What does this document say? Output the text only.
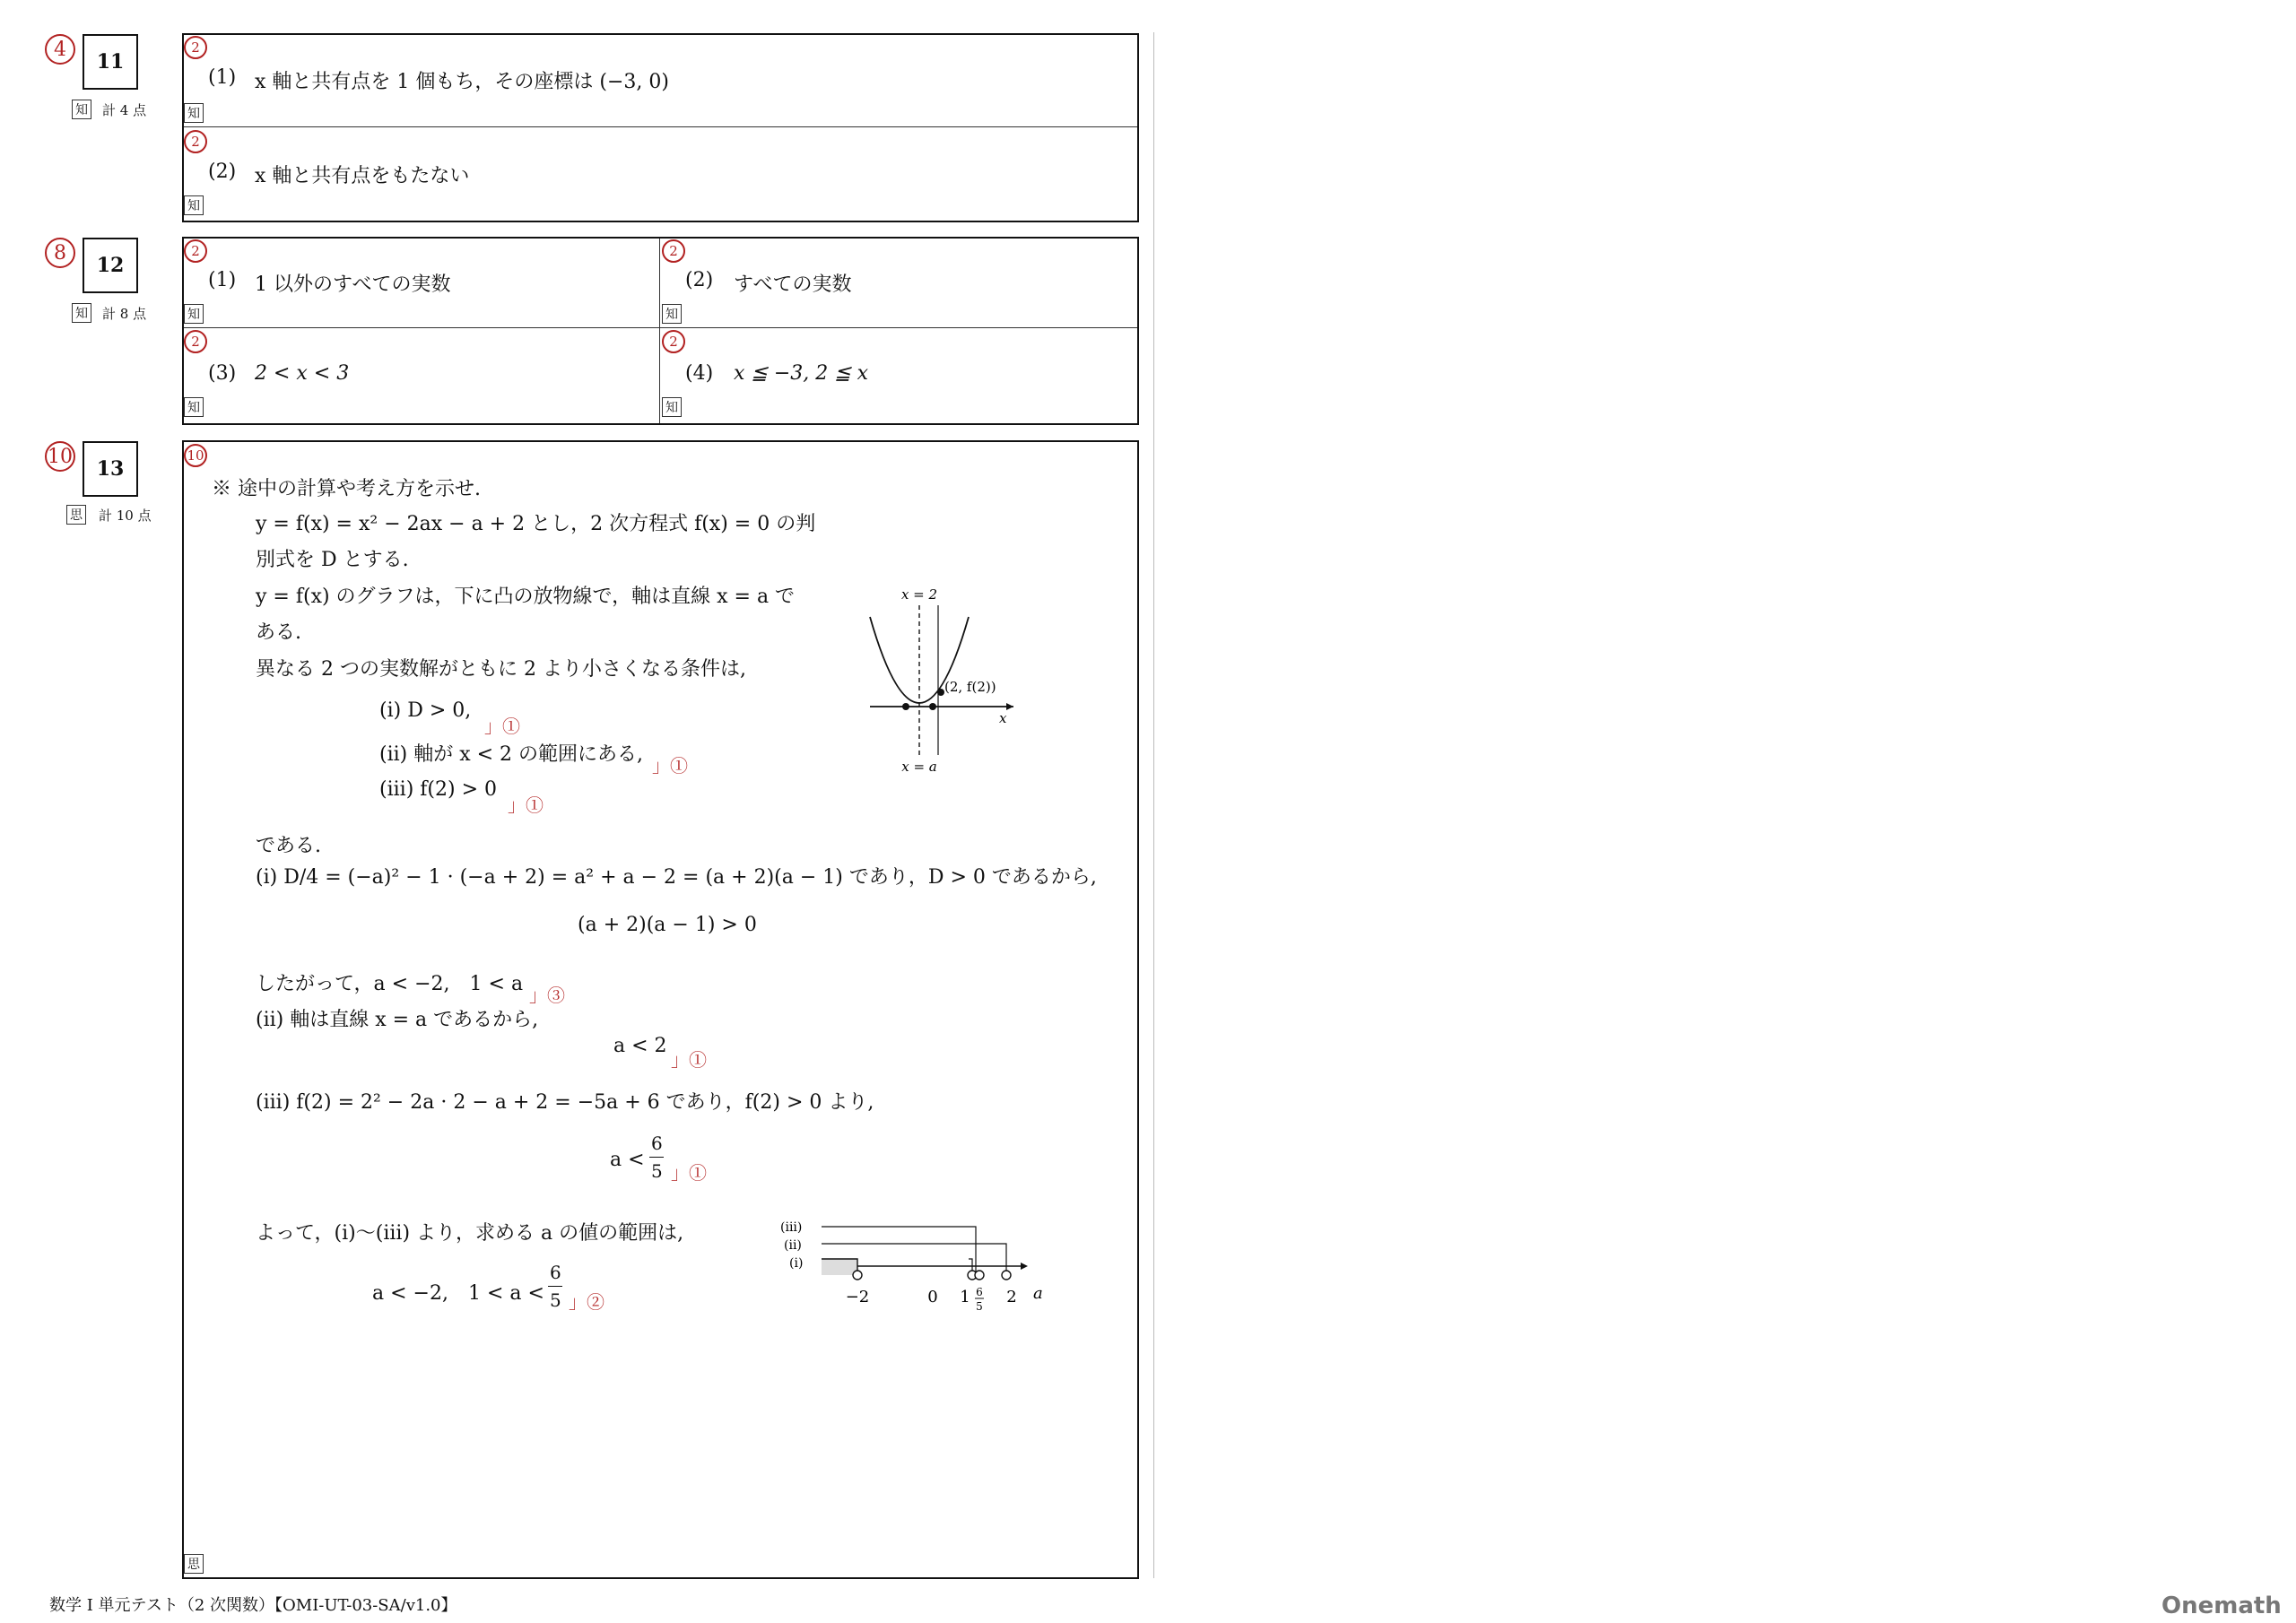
4
11
知 計 4 点
2
(1) x 軸と共有点を 1 個もち，その座標は (−3, 0)
知
2
(2) x 軸と共有点をもたない
知
8
12
知 計 8 点
2
(1) 1 以外のすべての実数
知
2
(2) すべての実数
知
2
(3) 2 < x < 3
知
2
(4) x ≦ −3, 2 ≦ x
知
10
13
思 計 10 点
10
思
※ 途中の計算や考え方を示せ.
y = f(x) = x² − 2ax − a + 2 とし，2 次方程式 f(x) = 0 の判
別式を D とする.
y = f(x) のグラフは，下に凸の放物線で，軸は直線 x = a で
ある.
異なる 2 つの実数解がともに 2 より小さくなる条件は,
(i) D > 0,
」①
(ii) 軸が x < 2 の範囲にある, 」①
(iii) f(2) > 0
」①
である.
(i) D/4 = (−a)² − 1 · (−a + 2) = a² + a − 2 = (a + 2)(a − 1) であり，D > 0 であるから,
(a + 2)(a − 1) > 0
したがって，a < −2,　1 < a 」③
(ii) 軸は直線 x = a であるから,
a < 2
」①
(iii) f(2) = 2² − 2a · 2 − a + 2 = −5a + 6 であり，f(2) > 0 より,
a <
6
5 」①
よって，(i)〜(iii) より，求める a の値の範囲は,
a < −2,　1 < a <
6
5 」②
x = 2
x = a
(2, f(2))
x
(iii)
(ii)
(i)
−2	0 1 6
5 2 a
数学 I 単元テスト（2 次関数）【OMI-UT-03-SA/v1.0】	Onemath
